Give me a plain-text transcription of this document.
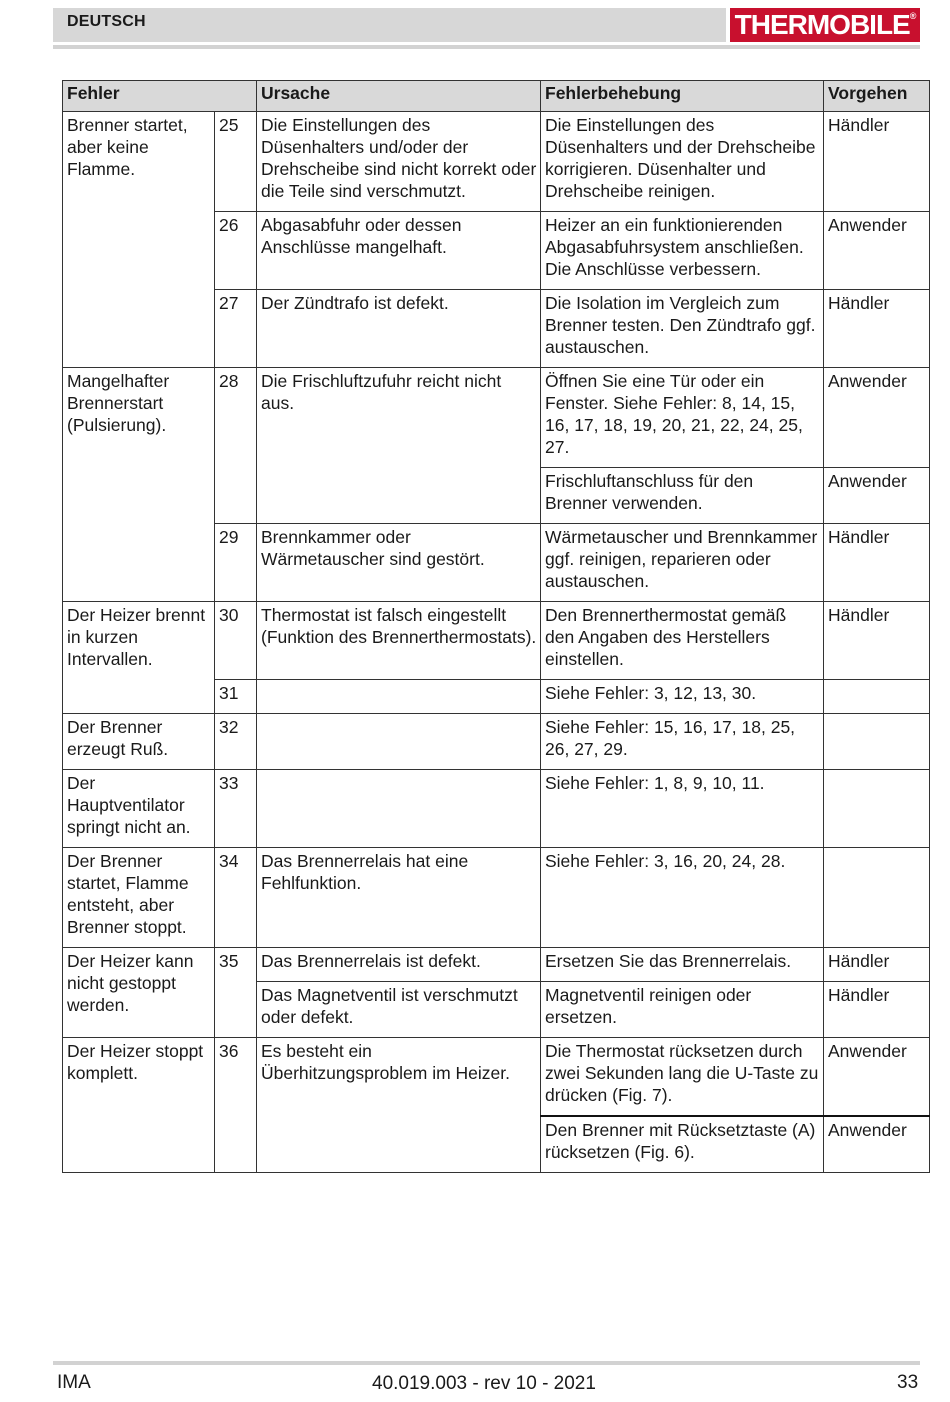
DEUTSCH	THERMOBILE®
Fehler		Ursache	Fehlerbehebung	Vorgehen
Brenner startet, aber keine Flamme.	25	Die Einstellungen des Düsenhalters und/oder der Drehscheibe sind nicht korrekt oder die Teile sind verschmutzt.	Die Einstellungen des Düsenhalters und der Drehscheibe korrigieren. Düsenhalter und Drehscheibe reinigen.	Händler
	26	Abgasabfuhr oder dessen Anschlüsse mangelhaft.	Heizer an ein funktionierenden Abgasabfuhrsystem anschließen. Die Anschlüsse verbessern.	Anwender
	27	Der Zündtrafo ist defekt.	Die Isolation im Vergleich zum Brenner testen. Den Zündtrafo ggf. austauschen.	Händler
Mangelhafter Brennerstart (Pulsierung).	28	Die Frischluftzufuhr reicht nicht aus.	Öffnen Sie eine Tür oder ein Fenster. Siehe Fehler: 8, 14, 15, 16, 17, 18, 19, 20, 21, 22, 24, 25, 27.	Anwender
			Frischluftanschluss für den Brenner verwenden.	Anwender
	29	Brennkammer oder Wärmetauscher sind gestört.	Wärmetauscher und Brennkammer ggf. reinigen, reparieren oder austauschen.	Händler
Der Heizer brennt in kurzen Intervallen.	30	Thermostat ist falsch eingestellt (Funktion des Brennerthermostats).	Den Brennerthermostat gemäß den Angaben des Herstellers einstellen.	Händler
	31		Siehe Fehler: 3, 12, 13, 30.	
Der Brenner erzeugt Ruß.	32		Siehe Fehler: 15, 16, 17, 18, 25, 26, 27, 29.	
Der Hauptventilator springt nicht an.	33		Siehe Fehler: 1, 8, 9, 10, 11.	
Der Brenner startet, Flamme entsteht, aber Brenner stoppt.	34	Das Brennerrelais hat eine Fehlfunktion.	Siehe Fehler: 3, 16, 20, 24, 28.	
Der Heizer kann nicht gestoppt werden.	35	Das Brennerrelais ist defekt.	Ersetzen Sie das Brennerrelais.	Händler
		Das Magnetventil ist verschmutzt oder defekt.	Magnetventil reinigen oder ersetzen.	Händler
Der Heizer stoppt komplett.	36	Es besteht ein Überhitzungsproblem im Heizer.	Die Thermostat rücksetzen durch zwei Sekunden lang die U-Taste zu drücken (Fig. 7).	Anwender
			Den Brenner mit Rücksetztaste (A) rücksetzen (Fig. 6).	Anwender
IMA	40.019.003 - rev 10 - 2021	33
